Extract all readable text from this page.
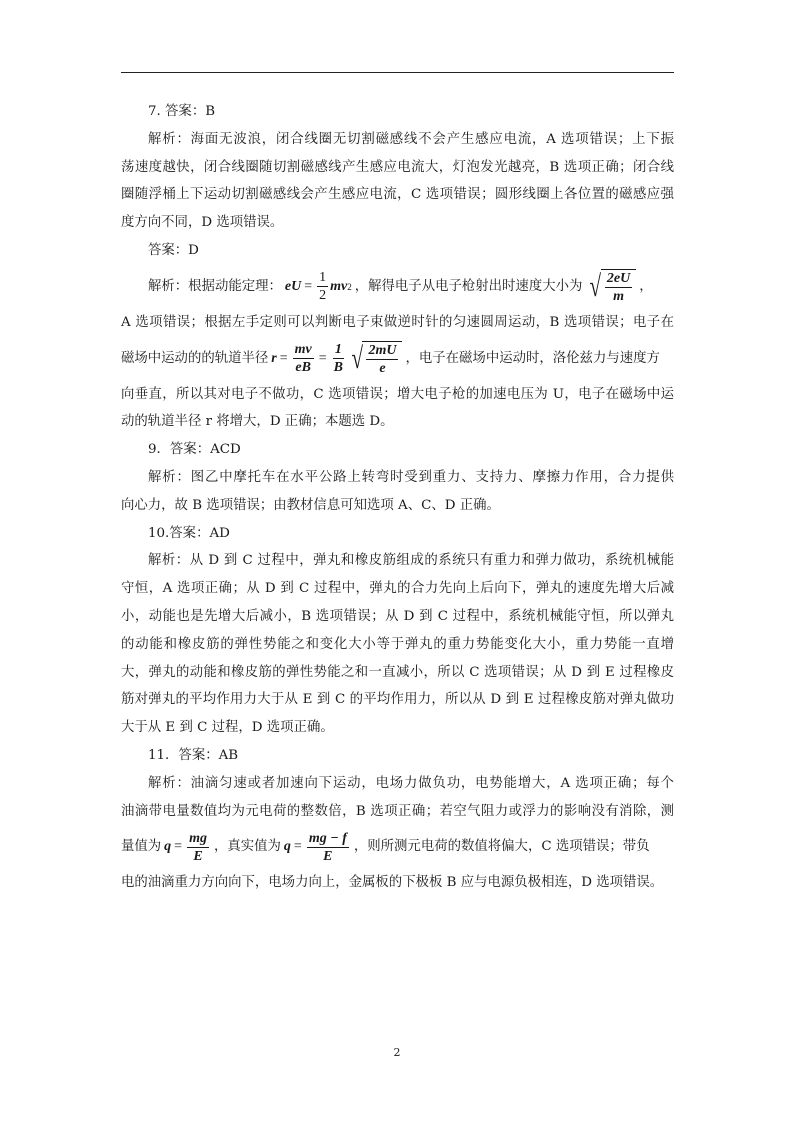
7. 答案：B
解析：海面无波浪，闭合线圈无切割磁感线不会产生感应电流，A 选项错误；上下振
荡速度越快，闭合线圈随切割磁感线产生感应电流大，灯泡发光越亮，B 选项正确；闭合线
圈随浮桶上下运动切割磁感线会产生感应电流，C 选项错误；圆形线圈上各位置的磁感应强
度方向不同，D 选项错误。
答案：D
解析：根据动能定理： eU = $\frac{1}{2}$ mv 2 ，解得电子从电子枪射出时速度大小为 √ $\frac{2eU}{m}$ ，
A 选项错误；根据左手定则可以判断电子束做逆时针的匀速圆周运动，B 选项错误；电子在
磁场中运动的的轨道半径 $r = \frac{mv}{eB} = \frac{1}{B}$ √ $\frac{2mU}{e}$ ，电子在磁场中运动时，洛伦兹力与速度方
向垂直，所以其对电子不做功，C 选项错误；增大电子枪的加速电压为 U，电子在磁场中运
动的轨道半径 r 将增大，D 正确；本题选 D。
9．答案：ACD
解析：图乙中摩托车在水平公路上转弯时受到重力、支持力、摩擦力作用，合力提供
向心力，故 B 选项错误；由教材信息可知选项 A、C、D 正确。
10.答案：AD
解析：从 D 到 C 过程中，弹丸和橡皮筋组成的系统只有重力和弹力做功，系统机械能
守恒，A 选项正确；从 D 到 C 过程中，弹丸的合力先向上后向下，弹丸的速度先增大后减
小，动能也是先增大后减小，B 选项错误；从 D 到 C 过程中，系统机械能守恒，所以弹丸
的动能和橡皮筋的弹性势能之和变化大小等于弹丸的重力势能变化大小，重力势能一直增
大，弹丸的动能和橡皮筋的弹性势能之和一直减小，所以 C 选项错误；从 D 到 E 过程橡皮
筋对弹丸的平均作用力大于从 E 到 C 的平均作用力，所以从 D 到 E 过程橡皮筋对弹丸做功
大于从 E 到 C 过程，D 选项正确。
11．答案：AB
解析：油滴匀速或者加速向下运动，电场力做负功，电势能增大，A 选项正确；每个
油滴带电量数值均为元电荷的整数倍，B 选项正确；若空气阻力或浮力的影响没有消除，测
量值为 $q = \frac{mg}{E}$ ，真实值为 $q = \frac{mg - f}{E}$ ，则所测元电荷的数值将偏大，C 选项错误；带负
电的油滴重力方向向下，电场力向上，金属板的下极板 B 应与电源负极相连，D 选项错误。
2
